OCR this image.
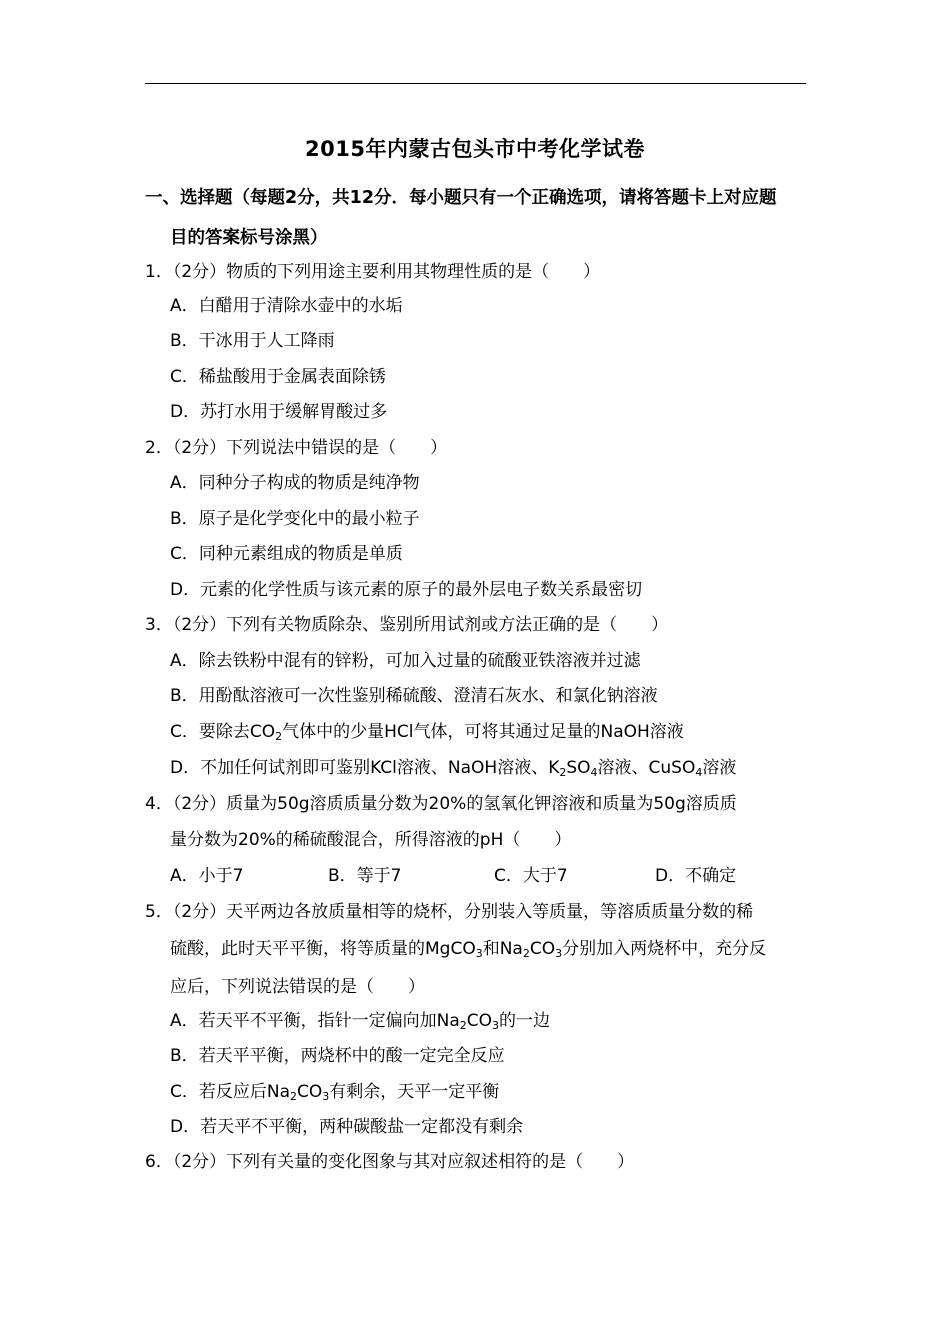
2015年内蒙古包头市中考化学试卷
一、选择题（每题2分，共12分．每小题只有一个正确选项，请将答题卡上对应题
目的答案标号涂黑）
1．（2分）物质的下列用途主要利用其物理性质的是（　　）
A．白醋用于清除水壶中的水垢
B．干冰用于人工降雨
C．稀盐酸用于金属表面除锈
D．苏打水用于缓解胃酸过多
2．（2分）下列说法中错误的是（　　）
A．同种分子构成的物质是纯净物
B．原子是化学变化中的最小粒子
C．同种元素组成的物质是单质
D．元素的化学性质与该元素的原子的最外层电子数关系最密切
3．（2分）下列有关物质除杂、鉴别所用试剂或方法正确的是（　　）
A．除去铁粉中混有的锌粉，可加入过量的硫酸亚铁溶液并过滤
B．用酚酞溶液可一次性鉴别稀硫酸、澄清石灰水、和氯化钠溶液
C．要除去$CO_2$气体中的少量HCl气体，可将其通过足量的NaOH溶液
D．不加任何试剂即可鉴别KCl溶液、NaOH溶液、$K_2SO_4$溶液、CuSO$_4$溶液
4．（2分）质量为50g溶质质量分数为20%的氢氧化钾溶液和质量为50g溶质质
量分数为20%的稀硫酸混合，所得溶液的pH（　　）
A．小于7	B．等于7	C．大于7	D．不确定
5．（2分）天平两边各放质量相等的烧杯，分别装入等质量，等溶质质量分数的稀
硫酸，此时天平平衡，将等质量的MgCO$_3$和$Na_2CO_3$分别加入两烧杯中，充分反
应后，下列说法错误的是（　　）
A．若天平不平衡，指针一定偏向加$Na_2CO_3$的一边
B．若天平平衡，两烧杯中的酸一定完全反应
C．若反应后$Na_2CO_3$有剩余，天平一定平衡
D．若天平不平衡，两种碳酸盐一定都没有剩余
6．（2分）下列有关量的变化图象与其对应叙述相符的是（　　）
